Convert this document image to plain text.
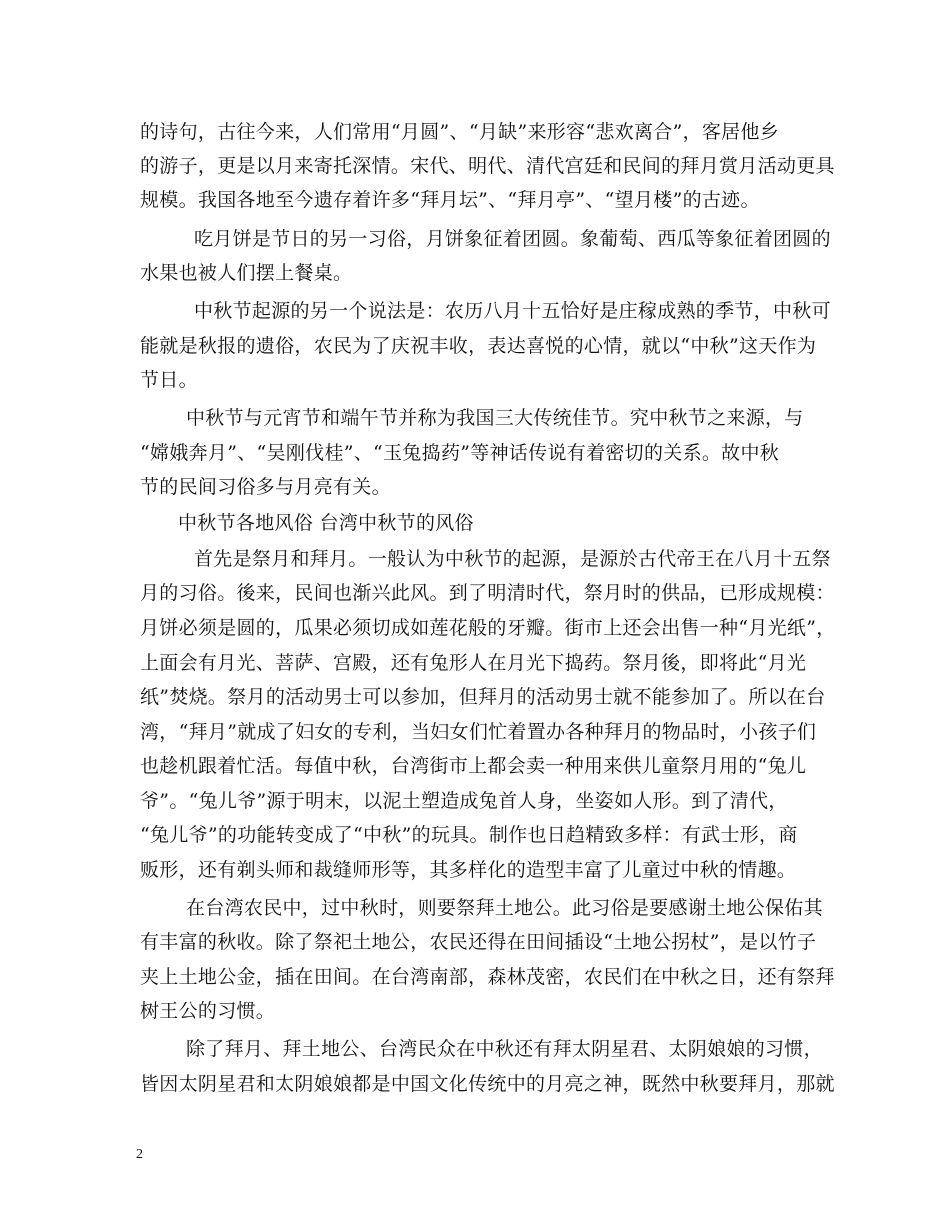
的诗句，古往今来，人们常用“月圆”、“月缺”来形容“悲欢离合”，客居他乡
的游子，更是以月来寄托深情。宋代、明代、清代宫廷和民间的拜月赏月活动更具
规模。我国各地至今遗存着许多“拜月坛”、“拜月亭”、“望月楼”的古迹。
吃月饼是节日的另一习俗，月饼象征着团圆。象葡萄、西瓜等象征着团圆的
水果也被人们摆上餐桌。
中秋节起源的另一个说法是：农历八月十五恰好是庄稼成熟的季节，中秋可
能就是秋报的遗俗，农民为了庆祝丰收，表达喜悦的心情，就以“中秋”这天作为
节日。
中秋节与元宵节和端午节并称为我国三大传统佳节。究中秋节之来源，与
“嫦娥奔月”、“吴刚伐桂”、“玉兔捣药”等神话传说有着密切的关系。故中秋
节的民间习俗多与月亮有关。
中秋节各地风俗 台湾中秋节的风俗
首先是祭月和拜月。一般认为中秋节的起源，是源於古代帝王在八月十五祭
月的习俗。後来，民间也渐兴此风。到了明清时代，祭月时的供品，已形成规模：
月饼必须是圆的，瓜果必须切成如莲花般的牙瓣。街市上还会出售一种“月光纸”，
上面会有月光、菩萨、宫殿，还有兔形人在月光下捣药。祭月後，即将此“月光
纸”焚烧。祭月的活动男士可以参加，但拜月的活动男士就不能参加了。所以在台
湾，“拜月”就成了妇女的专利，当妇女们忙着置办各种拜月的物品时，小孩子们
也趁机跟着忙活。每值中秋，台湾街市上都会卖一种用来供儿童祭月用的“兔儿
爷”。“兔儿爷”源于明末，以泥土塑造成兔首人身，坐姿如人形。到了清代，
“兔儿爷”的功能转变成了“中秋”的玩具。制作也日趋精致多样：有武士形，商
贩形，还有剃头师和裁缝师形等，其多样化的造型丰富了儿童过中秋的情趣。
在台湾农民中，过中秋时，则要祭拜土地公。此习俗是要感谢土地公保佑其
有丰富的秋收。除了祭祀土地公，农民还得在田间插设“土地公拐杖”，是以竹子
夹上土地公金，插在田间。在台湾南部，森林茂密，农民们在中秋之日，还有祭拜
树王公的习惯。
除了拜月、拜土地公、台湾民众在中秋还有拜太阴星君、太阴娘娘的习惯，
皆因太阴星君和太阴娘娘都是中国文化传统中的月亮之神，既然中秋要拜月，那就
2
